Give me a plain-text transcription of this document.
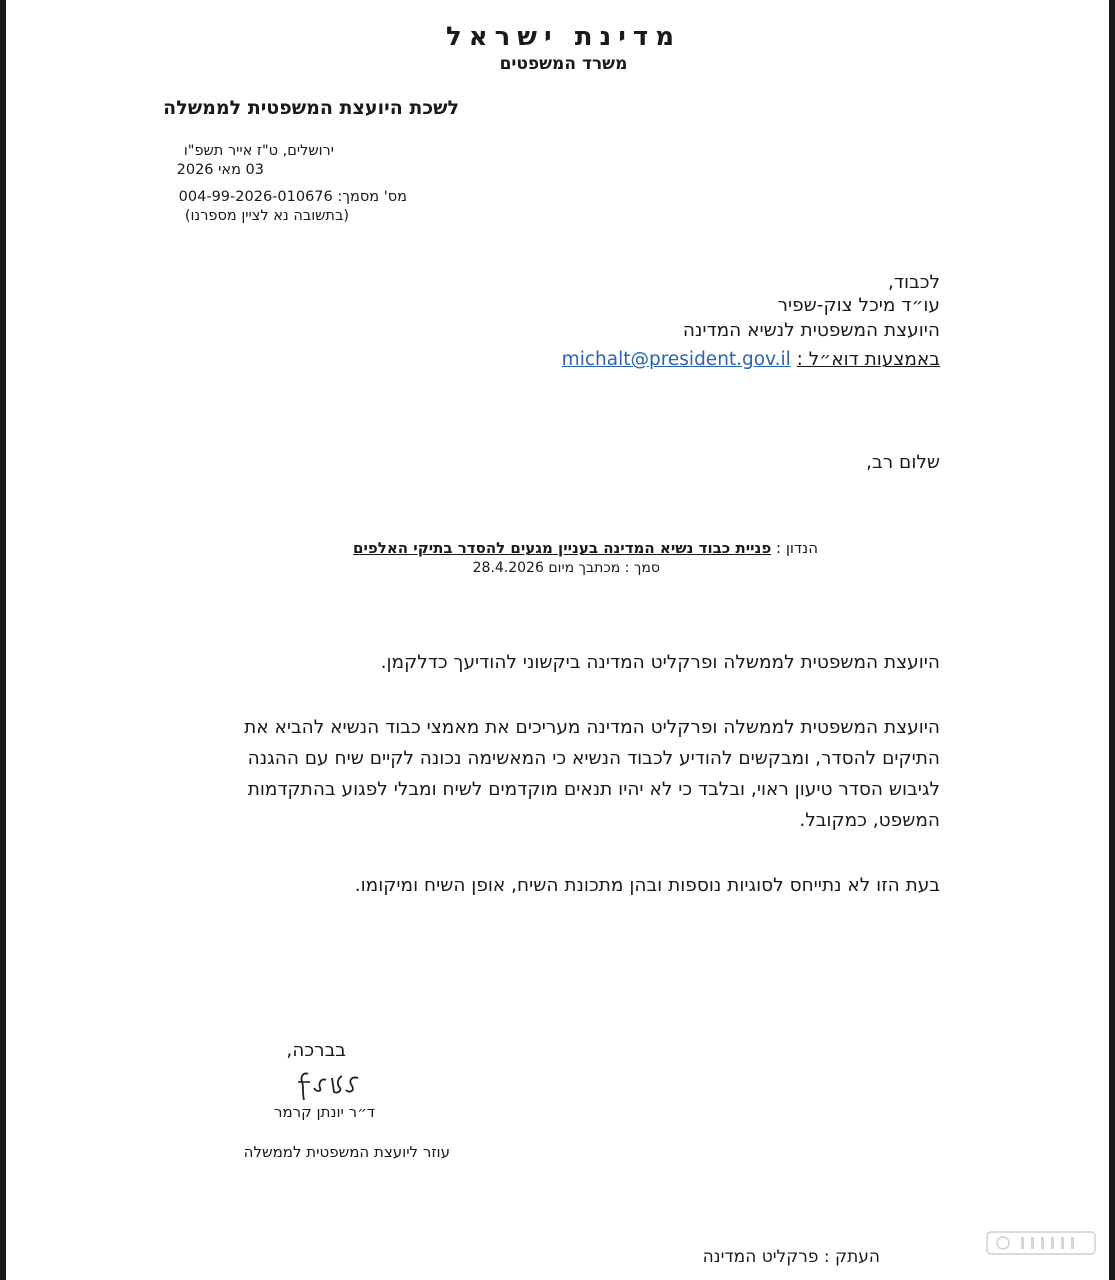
מדינת ישראל
משרד המשפטים
לשכת היועצת המשפטית לממשלה
ירושלים, ט"ז אייר תשפ"ו
03 מאי 2026
מס' מסמך: 004-99-2026-010676
(בתשובה נא לציין מספרנו)
לכבוד,
עו״ד מיכל צוק-שפיר
היועצת המשפטית לנשיא המדינה
באמצעות דוא״ל : michalt@president.gov.il
שלום רב,
הנדון : פניית כבוד נשיא המדינה בעניין מגעים להסדר בתיקי האלפים
סמך : מכתבך מיום 28.4.2026
היועצת המשפטית לממשלה ופרקליט המדינה ביקשוני להודיעך כדלקמן.
היועצת המשפטית לממשלה ופרקליט המדינה מעריכים את מאמצי כבוד הנשיא להביא את
התיקים להסדר, ומבקשים להודיע לכבוד הנשיא כי המאשימה נכונה לקיים שיח עם ההגנה
לגיבוש הסדר טיעון ראוי, ובלבד כי לא יהיו תנאים מוקדמים לשיח ומבלי לפגוע בהתקדמות
המשפט, כמקובל.
בעת הזו לא נתייחס לסוגיות נוספות ובהן מתכונת השיח, אופן השיח ומיקומו.
בברכה,
ד״ר יונתן קרמר
עוזר ליועצת המשפטית לממשלה
העתק : פרקליט המדינה
